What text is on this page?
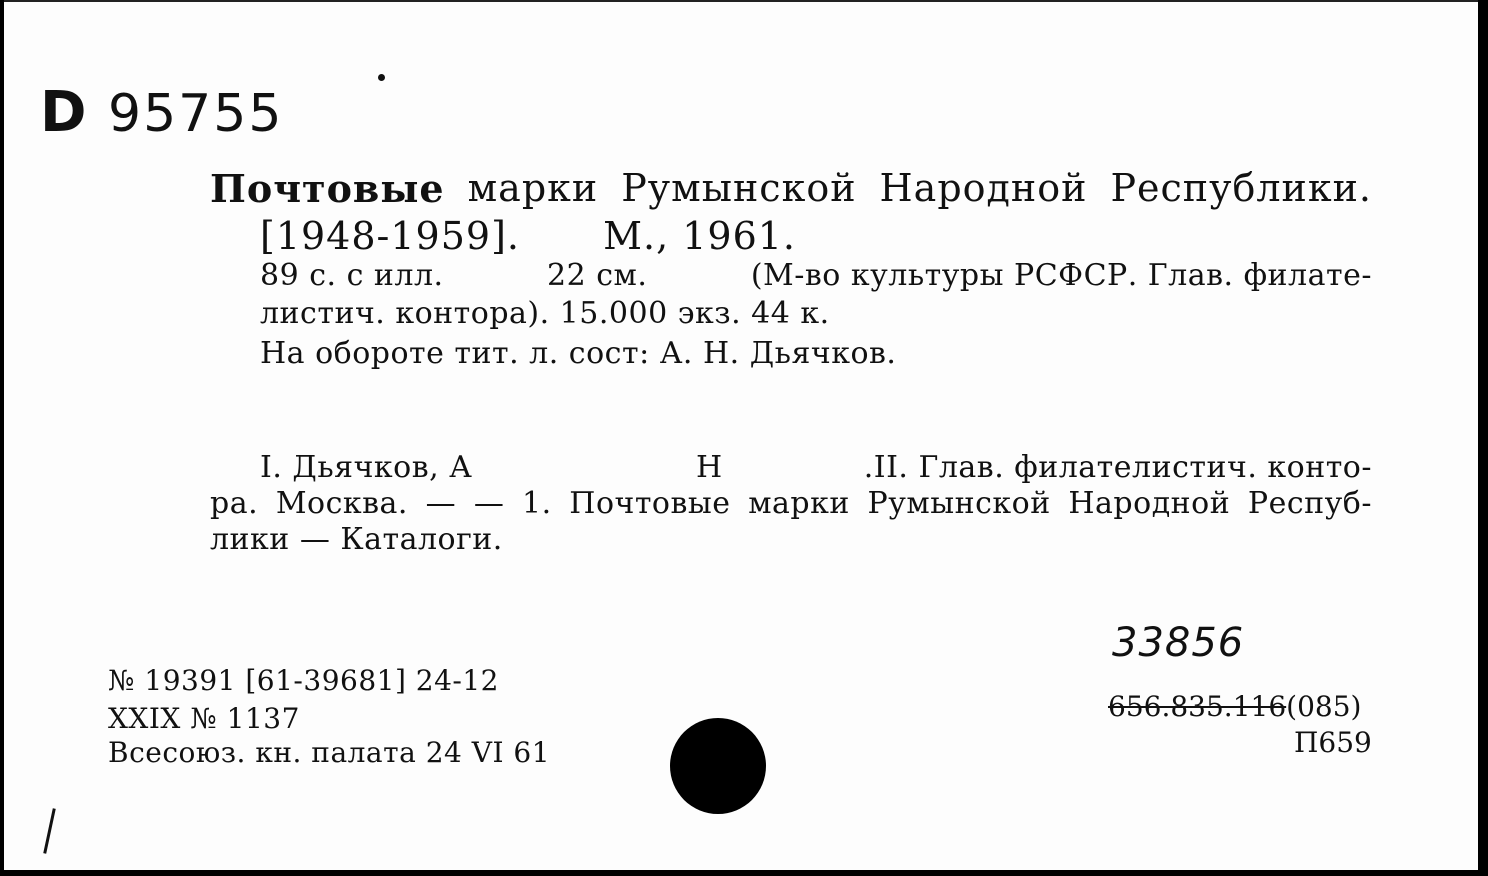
D 95755
Почтовые марки Румынской Народной Республики.
[1948-1959]. М., 1961.
89 с. с илл.	22 см.	(М-во культуры РСФСР. Глав. филате-
листич. контора). 15.000 экз. 44 к.
На обороте тит. л. сост: А. Н. Дьячков.
I. Дьячков, А	Н	.II. Глав. филателистич. конто-
ра. Москва. — — 1. Почтовые марки Румынской Народной Респуб-
лики — Каталоги.
№ 19391 [61-39681] 24-12
XXIX № 1137
Всесоюз. кн. палата 24 VI 61
33856
656.835.116(085)
П659
